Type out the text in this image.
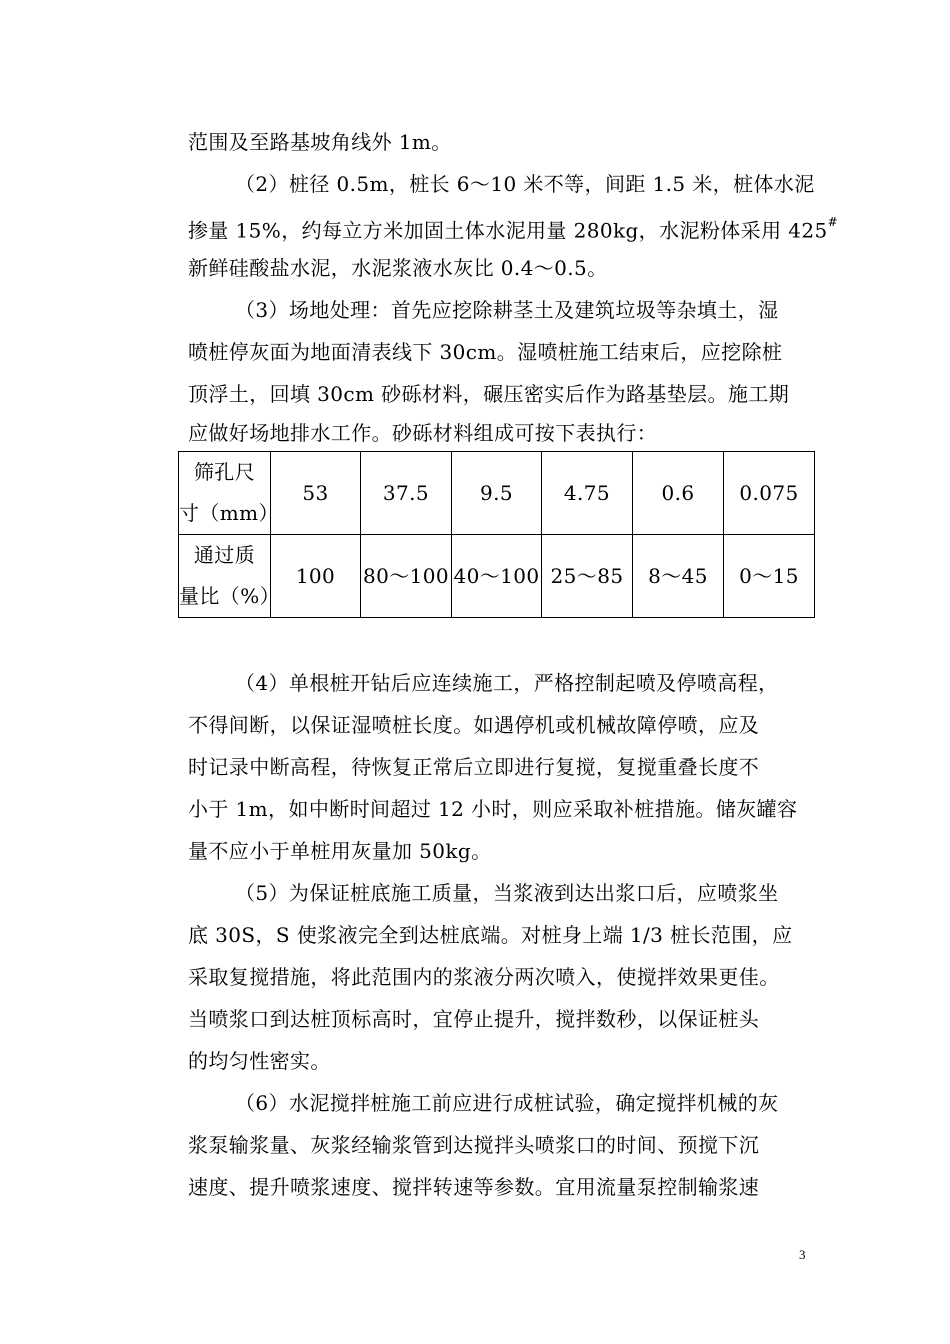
范围及至路基坡角线外 1m。

（2）桩径 0.5m，桩长 6～10 米不等，间距 1.5 米，桩体水泥

掺量 15%，约每立方米加固土体水泥用量 280kg，水泥粉体采用 425#

新鲜硅酸盐水泥，水泥浆液水灰比 0.4～0.5。

（3）场地处理：首先应挖除耕茎土及建筑垃圾等杂填土，湿

喷桩停灰面为地面清表线下 30cm。湿喷桩施工结束后，应挖除桩

顶浮土，回填 30cm 砂砾材料，碾压密实后作为路基垫层。施工期

应做好场地排水工作。砂砾材料组成可按下表执行：

筛孔尺
寸（mm）	53	37.5	9.5	4.75	0.6	0.075

通过质
量比（%）	100	80～100	40～100	25～85	8～45	0～15

（4）单根桩开钻后应连续施工，严格控制起喷及停喷高程，

不得间断，以保证湿喷桩长度。如遇停机或机械故障停喷，应及

时记录中断高程，待恢复正常后立即进行复搅，复搅重叠长度不

小于 1m，如中断时间超过 12 小时，则应采取补桩措施。储灰罐容

量不应小于单桩用灰量加 50kg。

（5）为保证桩底施工质量，当浆液到达出浆口后，应喷浆坐

底 30S，S 使浆液完全到达桩底端。对桩身上端 1/3 桩长范围，应

采取复搅措施，将此范围内的浆液分两次喷入，使搅拌效果更佳。

当喷浆口到达桩顶标高时，宜停止提升，搅拌数秒，以保证桩头

的均匀性密实。

（6）水泥搅拌桩施工前应进行成桩试验，确定搅拌机械的灰

浆泵输浆量、灰浆经输浆管到达搅拌头喷浆口的时间、预搅下沉

速度、提升喷浆速度、搅拌转速等参数。宜用流量泵控制输浆速

3
